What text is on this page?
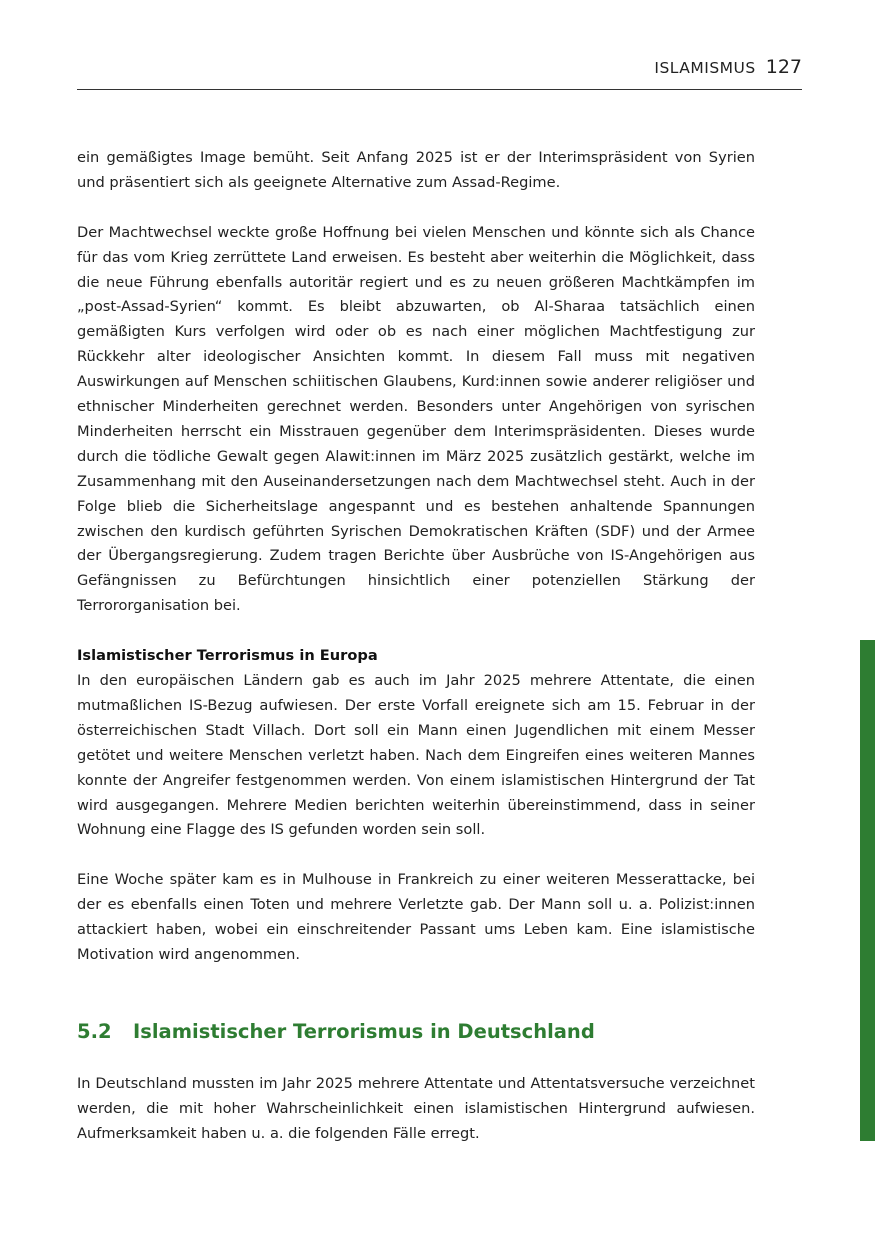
ISLAMISMUS 127

ein gemäßigtes Image bemüht. Seit Anfang 2025 ist er der Interimspräsident von Syrien und präsentiert sich als geeignete Alternative zum Assad-Regime.

Der Machtwechsel weckte große Hoffnung bei vielen Menschen und könnte sich als Chance für das vom Krieg zerrüttete Land erweisen. Es besteht aber weiterhin die Möglichkeit, dass die neue Führung ebenfalls autoritär regiert und es zu neuen größeren Machtkämpfen im „post-Assad-Syrien“ kommt. Es bleibt abzuwarten, ob Al-Sharaa tatsächlich einen gemäßigten Kurs verfolgen wird oder ob es nach einer möglichen Machtfestigung zur Rückkehr alter ideologischer Ansichten kommt. In diesem Fall muss mit negativen Auswirkungen auf Menschen schiitischen Glaubens, Kurd:innen sowie anderer religiöser und ethnischer Minderheiten gerechnet werden. Besonders unter Angehörigen von syrischen Minderheiten herrscht ein Misstrauen gegenüber dem Interimspräsidenten. Dieses wurde durch die tödliche Gewalt gegen Alawit:innen im März 2025 zusätzlich gestärkt, welche im Zusammenhang mit den Auseinandersetzungen nach dem Machtwechsel steht. Auch in der Folge blieb die Sicherheitslage angespannt und es bestehen anhaltende Spannungen zwischen den kurdisch geführten Syrischen Demokratischen Kräften (SDF) und der Armee der Übergangsregierung. Zudem tragen Berichte über Ausbrüche von IS-Angehörigen aus Gefängnissen zu Befürchtungen hinsichtlich einer potenziellen Stärkung der Terrororganisation bei.

Islamistischer Terrorismus in Europa

In den europäischen Ländern gab es auch im Jahr 2025 mehrere Attentate, die einen mutmaßlichen IS-Bezug aufwiesen. Der erste Vorfall ereignete sich am 15. Februar in der österreichischen Stadt Villach. Dort soll ein Mann einen Jugendlichen mit einem Messer getötet und weitere Menschen verletzt haben. Nach dem Eingreifen eines weiteren Mannes konnte der Angreifer festgenommen werden. Von einem islamistischen Hintergrund der Tat wird ausgegangen. Mehrere Medien berichten weiterhin übereinstimmend, dass in seiner Wohnung eine Flagge des IS gefunden worden sein soll.

Eine Woche später kam es in Mulhouse in Frankreich zu einer weiteren Messerattacke, bei der es ebenfalls einen Toten und mehrere Verletzte gab. Der Mann soll u. a. Polizist:innen attackiert haben, wobei ein einschreitender Passant ums Leben kam. Eine islamistische Motivation wird angenommen.

5.2 Islamistischer Terrorismus in Deutschland

In Deutschland mussten im Jahr 2025 mehrere Attentate und Attentatsversuche verzeichnet werden, die mit hoher Wahrscheinlichkeit einen islamistischen Hintergrund aufwiesen. Aufmerksamkeit haben u. a. die folgenden Fälle erregt.
